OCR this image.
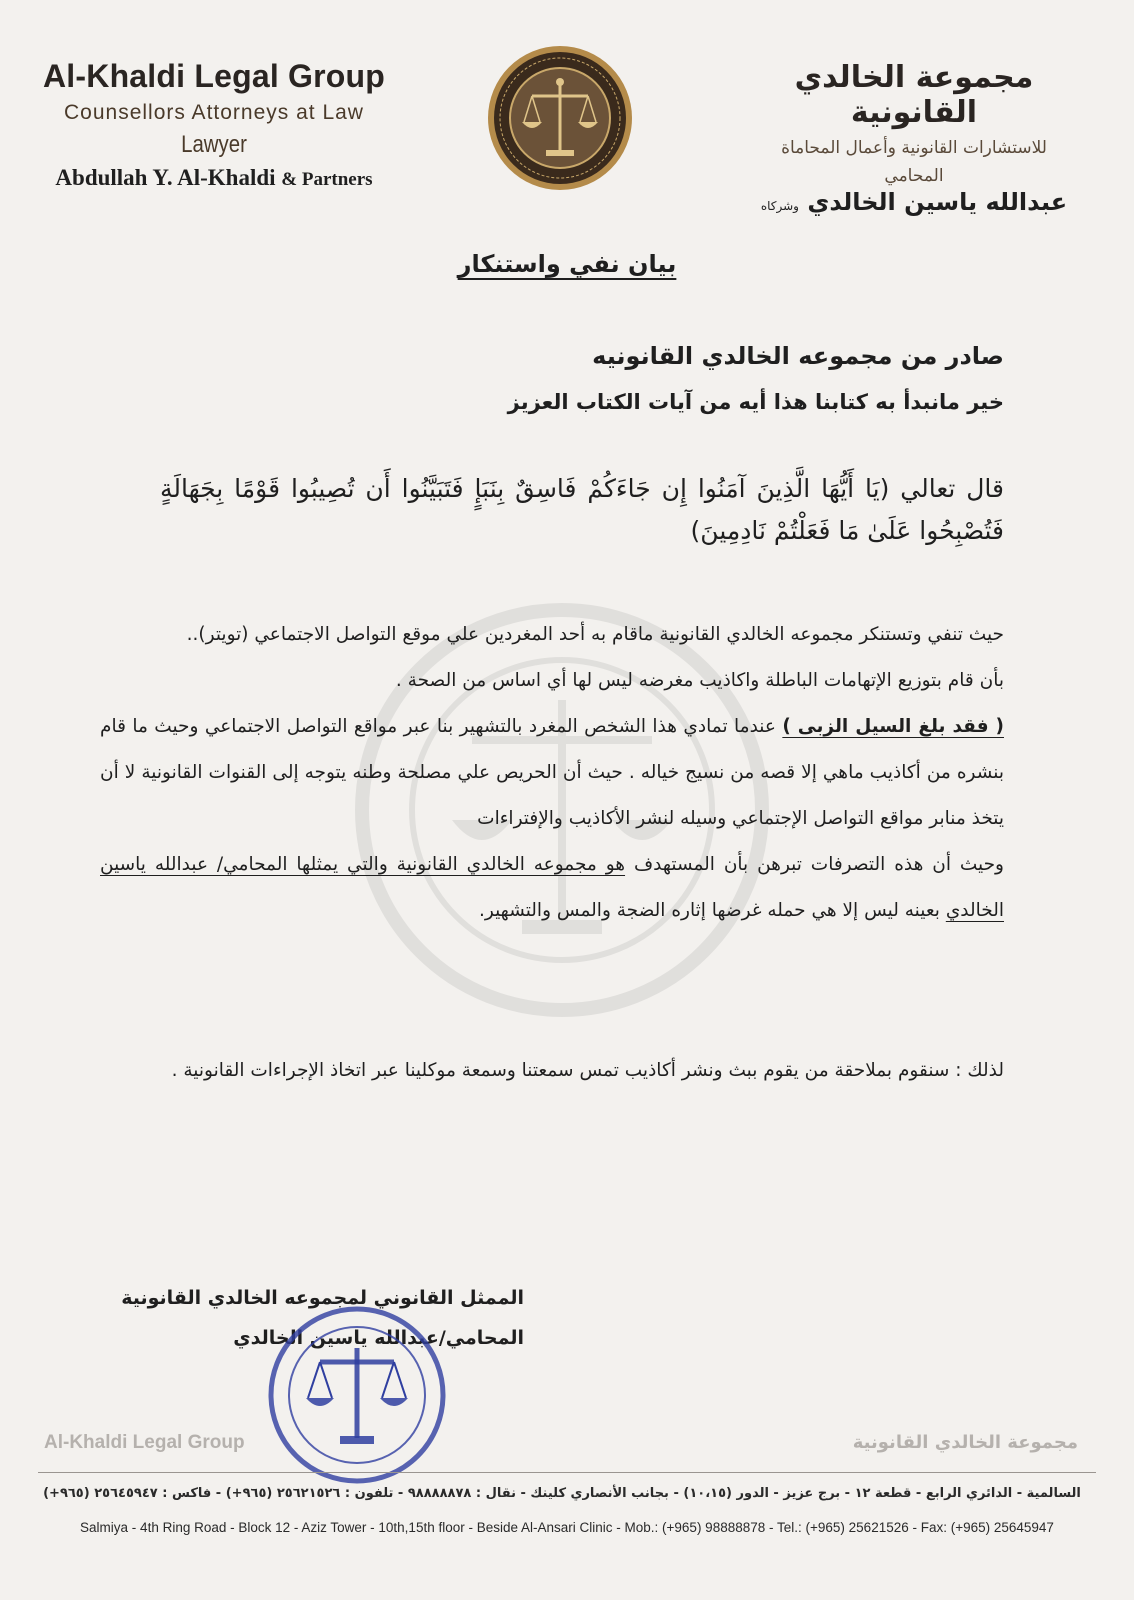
Al-Khaldi Legal Group
Counsellors Attorneys at Law
Lawyer
Abdullah Y. Al-Khaldi & Partners
مجموعة الخالدي القانونية
للاستشارات القانونية وأعمال المحاماة
المحامي
عبدالله ياسين الخالدي وشركاه
بيان نفي واستنكار
صادر من مجموعه الخالدي القانونيه
خير مانبدأ به كتابنا هذا أيه من آيات الكتاب العزيز
قال تعالي (يَا أَيُّهَا الَّذِينَ آمَنُوا إِن جَاءَكُمْ فَاسِقٌ بِنَبَإٍ فَتَبَيَّنُوا أَن تُصِيبُوا قَوْمًا بِجَهَالَةٍ فَتُصْبِحُوا عَلَىٰ مَا فَعَلْتُمْ نَادِمِينَ)
حيث تنفي وتستنكر مجموعه الخالدي القانونية ماقام به أحد المغردين علي موقع التواصل الاجتماعي (تويتر)..
بأن قام بتوزيع الإتهامات الباطلة واكاذيب مغرضه ليس لها أي اساس من الصحة .
( فقد بلغ السيل الزبى ) عندما تمادي هذا الشخص المغرد بالتشهير بنا عبر مواقع التواصل الاجتماعي وحيث ما قام بنشره من أكاذيب ماهي إلا قصه من نسيج خياله . حيث أن الحريص علي مصلحة وطنه يتوجه إلى القنوات القانونية لا أن يتخذ منابر مواقع التواصل الإجتماعي وسيله لنشر الأكاذيب والإفتراءات
وحيث أن هذه التصرفات تبرهن بأن المستهدف هو مجموعه الخالدي القانونية والتي يمثلها المحامي/ عبدالله ياسين الخالدي بعينه ليس إلا هي حمله غرضها إثاره الضجة والمس والتشهير.
لذلك : سنقوم بملاحقة من يقوم ببث ونشر أكاذيب تمس سمعتنا وسمعة موكلينا عبر اتخاذ الإجراءات القانونية .
الممثل القانوني لمجموعه الخالدي القانونية
المحامي/عبدالله ياسين الخالدي
Al-Khaldi Legal Group	مجموعة الخالدي القانونية
السالمية - الدائري الرابع - قطعة ١٢ - برج عزيز - الدور (١٠،١٥) - بجانب الأنصاري كلينك - نقال : ٩٨٨٨٨٨٧٨ - تلفون : ٢٥٦٢١٥٢٦ (٩٦٥+) - فاكس : ٢٥٦٤٥٩٤٧ (٩٦٥+)
Salmiya - 4th Ring Road - Block 12 - Aziz Tower - 10th,15th floor - Beside Al-Ansari Clinic - Mob.: (+965) 98888878 - Tel.: (+965) 25621526 - Fax: (+965) 25645947
